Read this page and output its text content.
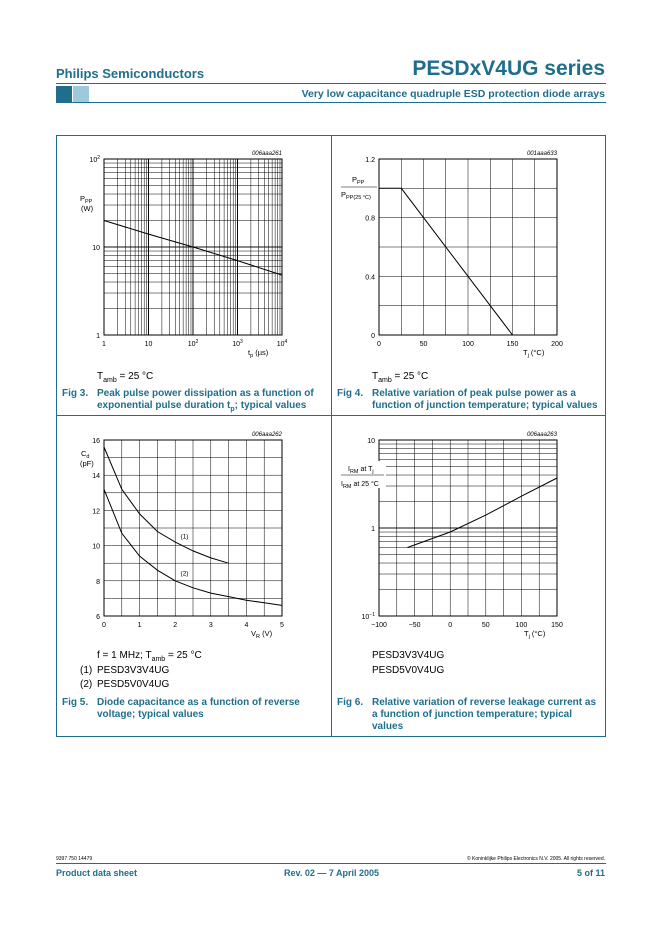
Philips Semiconductors	PESDxV4UG series
Very low capacitance quadruple ESD protection diode arrays
006aaa261
1	10	$10^2$	$10^3$	$10^4$
1
10
$10^2$
$P_{PP}$
(W)
$t_p$ (µs)
$T_{amb} = 25$ °C
Fig 3. Peak pulse power dissipation as a function of
exponential pulse duration $t_p$; typical values
001aaa633
0	50	100	150	200
0
0.4
0.8
1.2
$P_{PP}$
$P_{PP(25 ^\circ C)}$
$T_j$ (°C)
$T_{amb} = 25$ °C
Fig 4. Relative variation of peak pulse power as a
function of junction temperature; typical values
006aaa262
0	1	2	3	4	5
6
8
10
12
14
16
(1)
(2)
$C_d$
(pF)
$V_R$ (V)
f = 1 MHz; $T_{amb} = 25$ °C
(1) PESD3V3V4UG
(2) PESD5V0V4UG
Fig 5. Diode capacitance as a function of reverse
voltage; typical values
006aaa263
−100	−50	0	50	100	150
$10^{-1}$
1
10
$I_{RM}$ at $T_j$
$I_{RM}$ at 25 °C
$T_j$ (°C)
PESD3V3V4UG
PESD5V0V4UG
Fig 6. Relative variation of reverse leakage current as
a function of junction temperature; typical
values
9397 750 14479	© Koninklijke Philips Electronics N.V. 2005. All rights reserved.
Product data sheet	Rev. 02 — 7 April 2005	5 of 11
